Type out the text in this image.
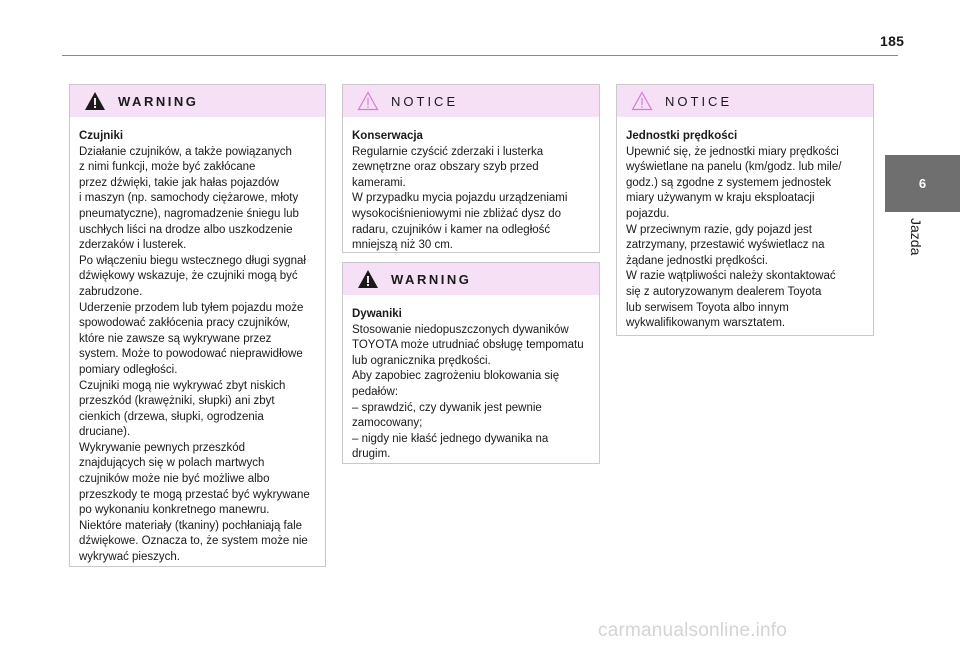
185
6
Jazda
WARNING
Czujniki
Działanie czujników, a także powiązanych
z nimi funkcji, może być zakłócane
przez dźwięki, takie jak hałas pojazdów
i maszyn (np. samochody ciężarowe, młoty
pneumatyczne), nagromadzenie śniegu lub
uschłych liści na drodze albo uszkodzenie
zderzaków i lusterek.
Po włączeniu biegu wstecznego długi sygnał
dźwiękowy wskazuje, że czujniki mogą być
zabrudzone.
Uderzenie przodem lub tyłem pojazdu może
spowodować zakłócenia pracy czujników,
które nie zawsze są wykrywane przez
system. Może to powodować nieprawidłowe
pomiary odległości.
Czujniki mogą nie wykrywać zbyt niskich
przeszkód (krawężniki, słupki) ani zbyt
cienkich (drzewa, słupki, ogrodzenia
druciane).
Wykrywanie pewnych przeszkód
znajdujących się w polach martwych
czujników może nie być możliwe albo
przeszkody te mogą przestać być wykrywane
po wykonaniu konkretnego manewru.
Niektóre materiały (tkaniny) pochłaniają fale
dźwiękowe. Oznacza to, że system może nie
wykrywać pieszych.
NOTICE
Konserwacja
Regularnie czyścić zderzaki i lusterka
zewnętrzne oraz obszary szyb przed
kamerami.
W przypadku mycia pojazdu urządzeniami
wysokociśnieniowymi nie zbliżać dysz do
radaru, czujników i kamer na odległość
mniejszą niż 30 cm.
WARNING
Dywaniki
Stosowanie niedopuszczonych dywaników
TOYOTA może utrudniać obsługę tempomatu
lub ogranicznika prędkości.
Aby zapobiec zagrożeniu blokowania się
pedałów:
– sprawdzić, czy dywanik jest pewnie
zamocowany;
– nigdy nie kłaść jednego dywanika na
drugim.
NOTICE
Jednostki prędkości
Upewnić się, że jednostki miary prędkości
wyświetlane na panelu (km/godz. lub mile/
godz.) są zgodne z systemem jednostek
miary używanym w kraju eksploatacji
pojazdu.
W przeciwnym razie, gdy pojazd jest
zatrzymany, przestawić wyświetlacz na
żądane jednostki prędkości.
W razie wątpliwości należy skontaktować
się z autoryzowanym dealerem Toyota
lub serwisem Toyota albo innym
wykwalifikowanym warsztatem.
carmanualsonline.info
